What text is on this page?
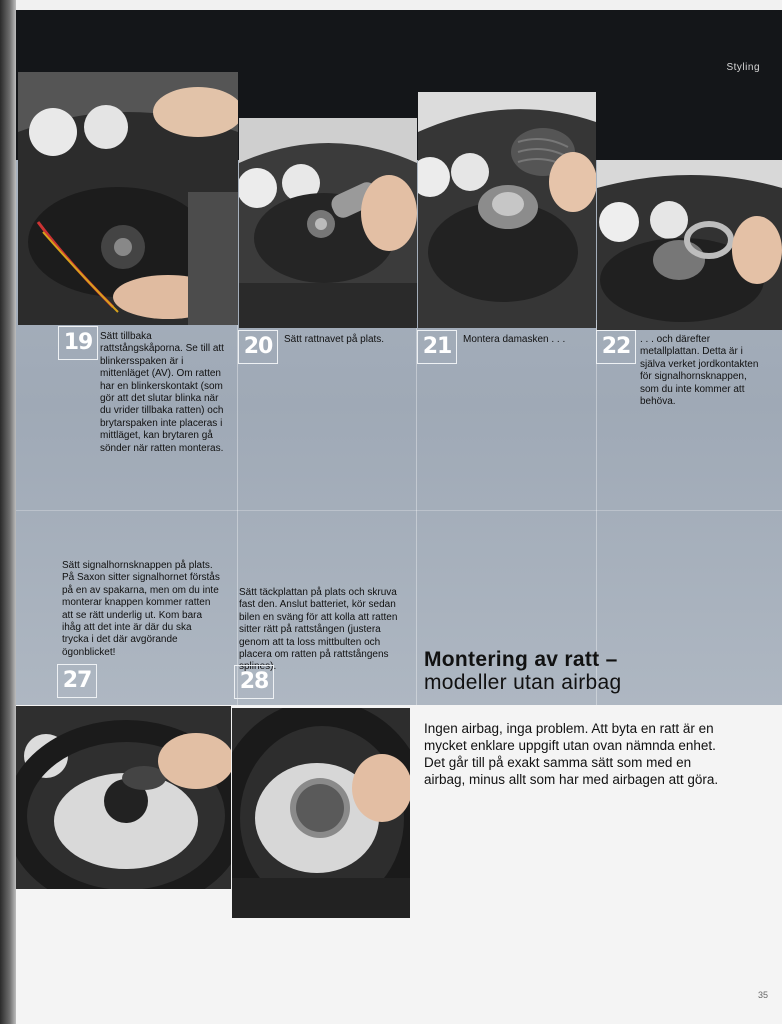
Styling
19 Sätt tillbaka rattstångskåporna. Se till att blinkersspaken är i mittenläget (AV). Om ratten har en blinkerskontakt (som gör att det slutar blinka när du vrider tillbaka ratten) och brytarspaken inte placeras i mittläget, kan brytaren gå sönder när ratten monteras.
20	Sätt rattnavet på plats.	21	Montera damasken . . .	22 . . . och därefter metallplattan. Detta är i själva verket jordkontakten för signalhornsknappen, som du inte kommer att behöva.
Sätt signalhornsknappen på plats. På Saxon sitter signalhornet förstås på en av spakarna, men om du inte monterar knappen kommer ratten att se rätt underlig ut. Kom bara ihåg att det inte är där du ska trycka i det där avgörande ögonblicket!
27
Sätt täckplattan på plats och skruva fast den. Anslut batteriet, kör sedan bilen en sväng för att kolla att ratten sitter rätt på rattstången (justera genom att ta loss mittbulten och placera om ratten på rattstångens splines).
28
Montering av ratt –
modeller utan airbag
Ingen airbag, inga problem. Att byta en ratt är en mycket enklare uppgift utan ovan nämnda enhet. Det går till på exakt samma sätt som med en airbag, minus allt som har med airbagen att göra.
35
